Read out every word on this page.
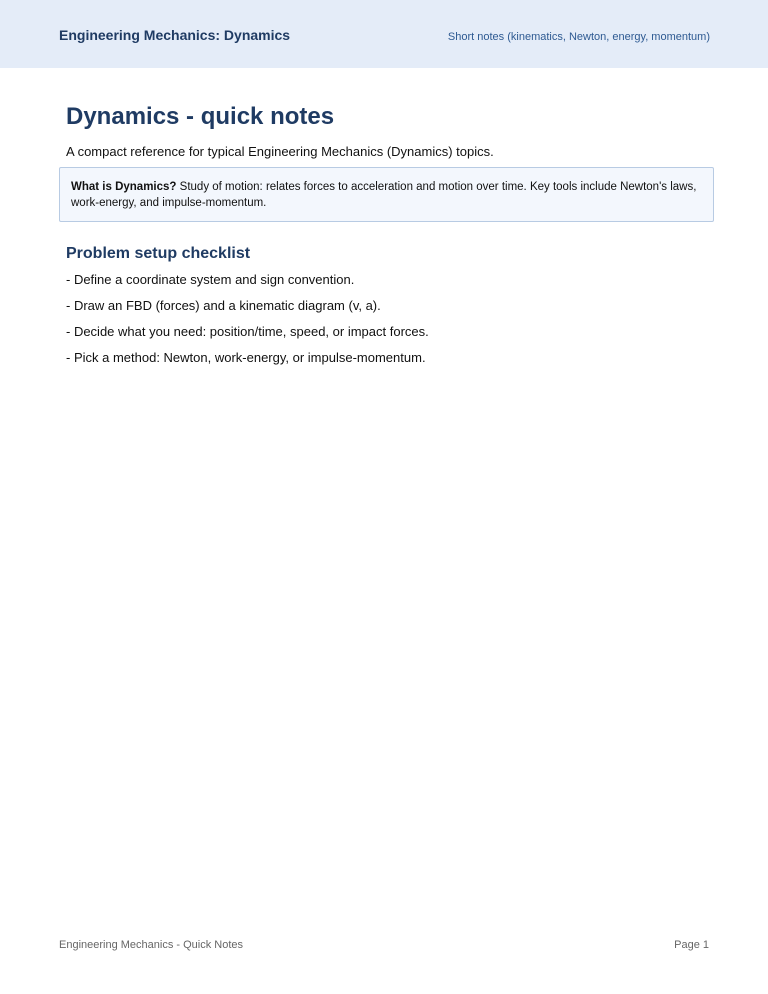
Engineering Mechanics: Dynamics	Short notes (kinematics, Newton, energy, momentum)
Dynamics - quick notes
A compact reference for typical Engineering Mechanics (Dynamics) topics.
What is Dynamics? Study of motion: relates forces to acceleration and motion over time. Key tools include Newton's laws, work-energy, and impulse-momentum.
Problem setup checklist
- Define a coordinate system and sign convention.
- Draw an FBD (forces) and a kinematic diagram (v, a).
- Decide what you need: position/time, speed, or impact forces.
- Pick a method: Newton, work-energy, or impulse-momentum.
Engineering Mechanics - Quick Notes	Page 1
